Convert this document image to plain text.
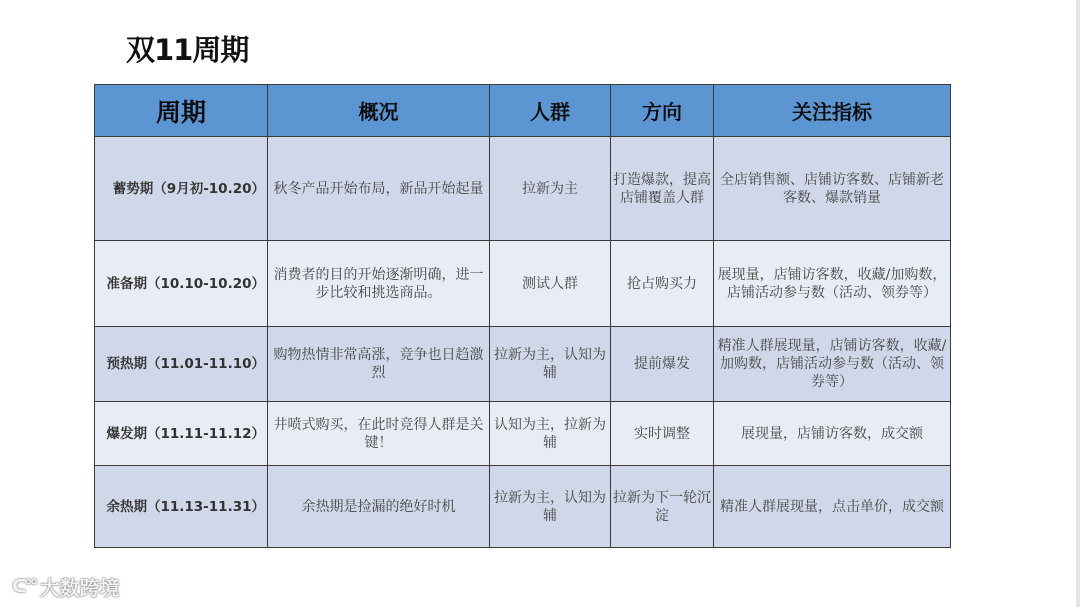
双11周期
周期	概况	人群	方向	关注指标
蓄势期（9月初-10.20）	秋冬产品开始布局，新品开始起量	拉新为主	打造爆款，提高店铺覆盖人群	全店销售额、店铺访客数、店铺新老客数、爆款销量
准备期（10.10-10.20）	消费者的目的开始逐渐明确，进一步比较和挑选商品。	测试人群	抢占购买力	展现量，店铺访客数，收藏/加购数，店铺活动参与数（活动、领券等）
预热期（11.01-11.10）	购物热情非常高涨，竞争也日趋激烈	拉新为主，认知为辅	提前爆发	精准人群展现量，店铺访客数，收藏/加购数，店铺活动参与数（活动、领券等）
爆发期（11.11-11.12）	井喷式购买，在此时竞得人群是关键！	认知为主，拉新为辅	实时调整	展现量，店铺访客数，成交额
余热期（11.13-11.31）	余热期是捡漏的绝好时机	拉新为主，认知为辅	拉新为下一轮沉淀	精准人群展现量，点击单价，成交额
ᑕ°° 大数跨境
